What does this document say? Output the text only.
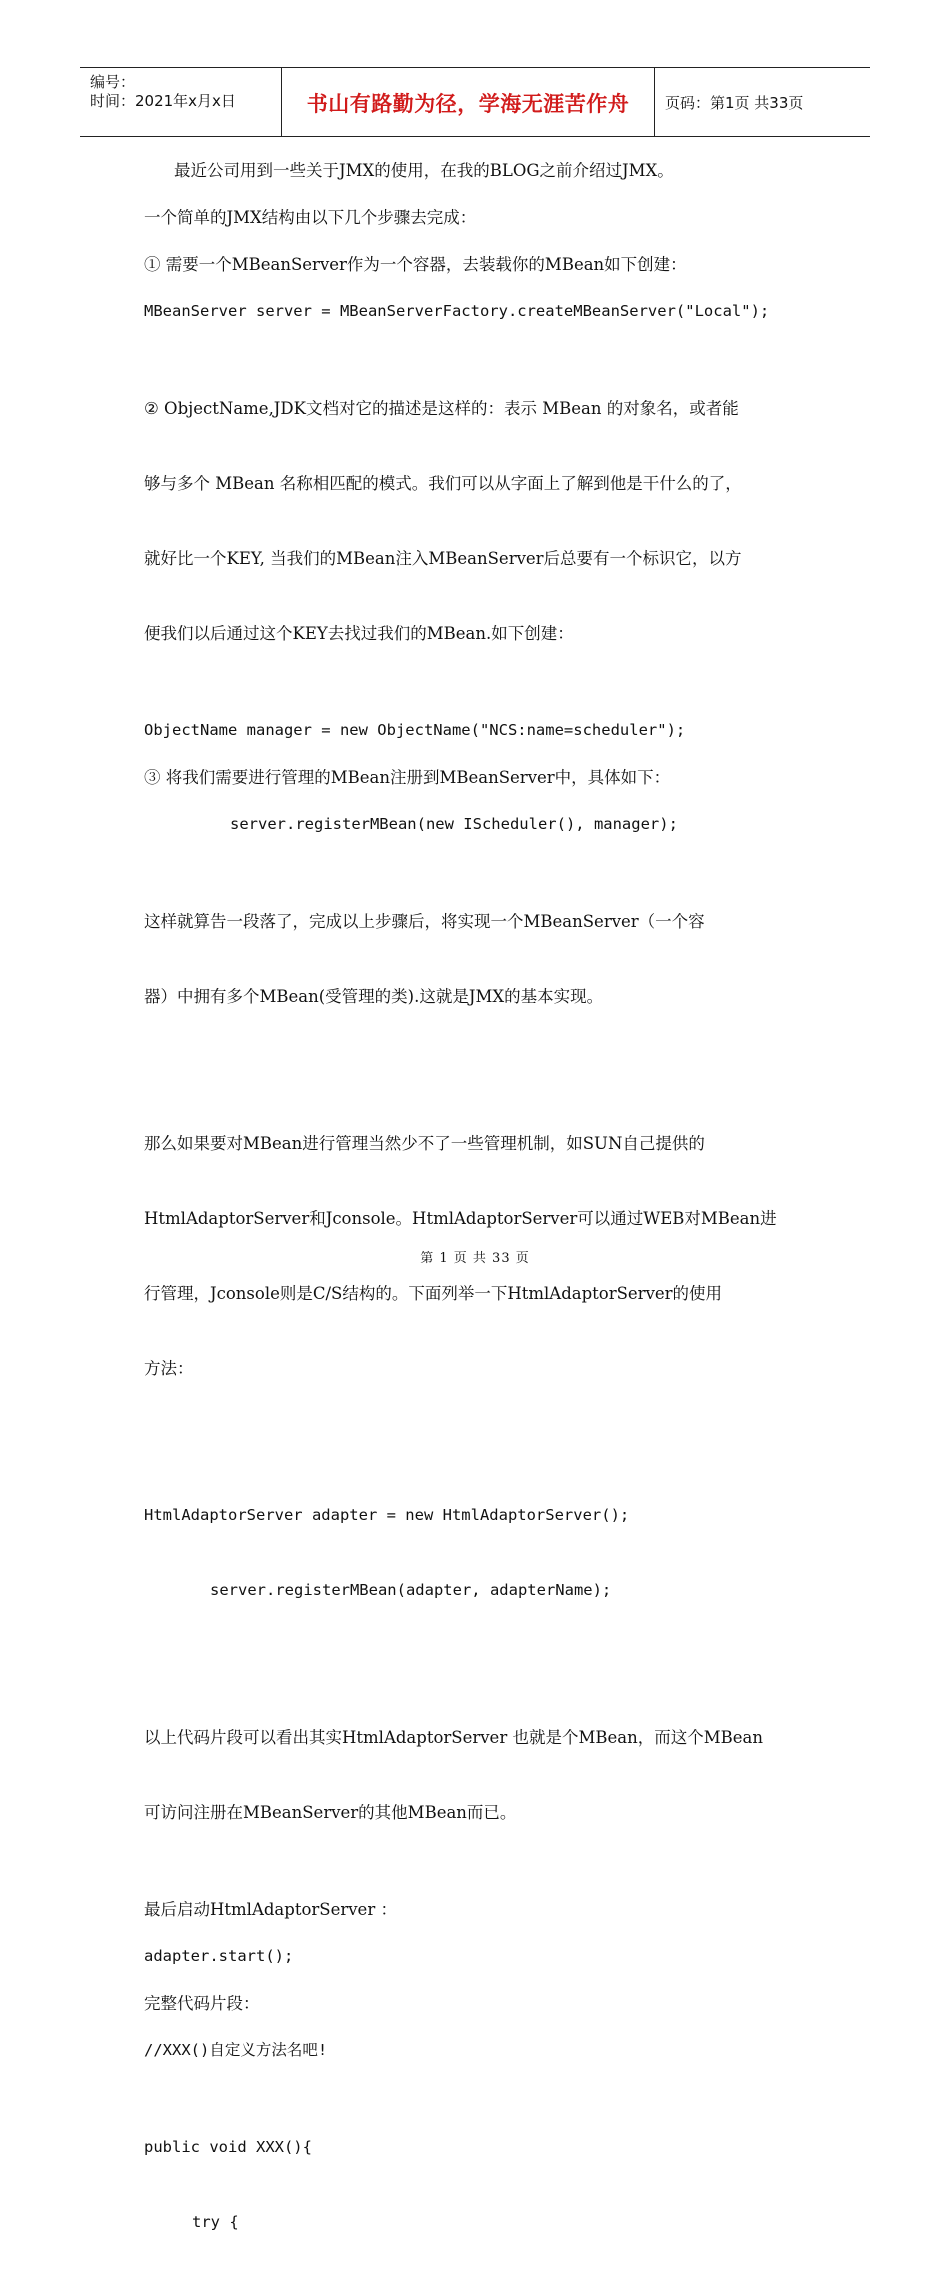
编号：
时间：2021年x月x日	书山有路勤为径，学海无涯苦作舟	页码：第1页 共33页

最近公司用到一些关于JMX的使用，在我的BLOG之前介绍过JMX。

一个简单的JMX结构由以下几个步骤去完成：

① 需要一个MBeanServer作为一个容器，去装载你的MBean如下创建：

MBeanServer server = MBeanServerFactory.createMBeanServer("Local");

② ObjectName,JDK文档对它的描述是这样的：表示 MBean 的对象名，或者能

够与多个 MBean 名称相匹配的模式。我们可以从字面上了解到他是干什么的了，

就好比一个KEY, 当我们的MBean注入MBeanServer后总要有一个标识它，以方

便我们以后通过这个KEY去找过我们的MBean.如下创建：

ObjectName manager = new ObjectName("NCS:name=scheduler");

③ 将我们需要进行管理的MBean注册到MBeanServer中，具体如下：

server.registerMBean(new IScheduler(), manager);

这样就算告一段落了，完成以上步骤后，将实现一个MBeanServer（一个容

器）中拥有多个MBean(受管理的类).这就是JMX的基本实现。

那么如果要对MBean进行管理当然少不了一些管理机制，如SUN自己提供的

HtmlAdaptorServer和Jconsole。HtmlAdaptorServer可以通过WEB对MBean进

行管理，Jconsole则是C/S结构的。下面列举一下HtmlAdaptorServer的使用

方法：

HtmlAdaptorServer adapter = new HtmlAdaptorServer();

server.registerMBean(adapter, adapterName);

以上代码片段可以看出其实HtmlAdaptorServer 也就是个MBean，而这个MBean

可访问注册在MBeanServer的其他MBean而已。

最后启动HtmlAdaptorServer ：

adapter.start();

完整代码片段：

//XXX()自定义方法名吧!

public void XXX(){

try {

第 1 页 共 33 页
